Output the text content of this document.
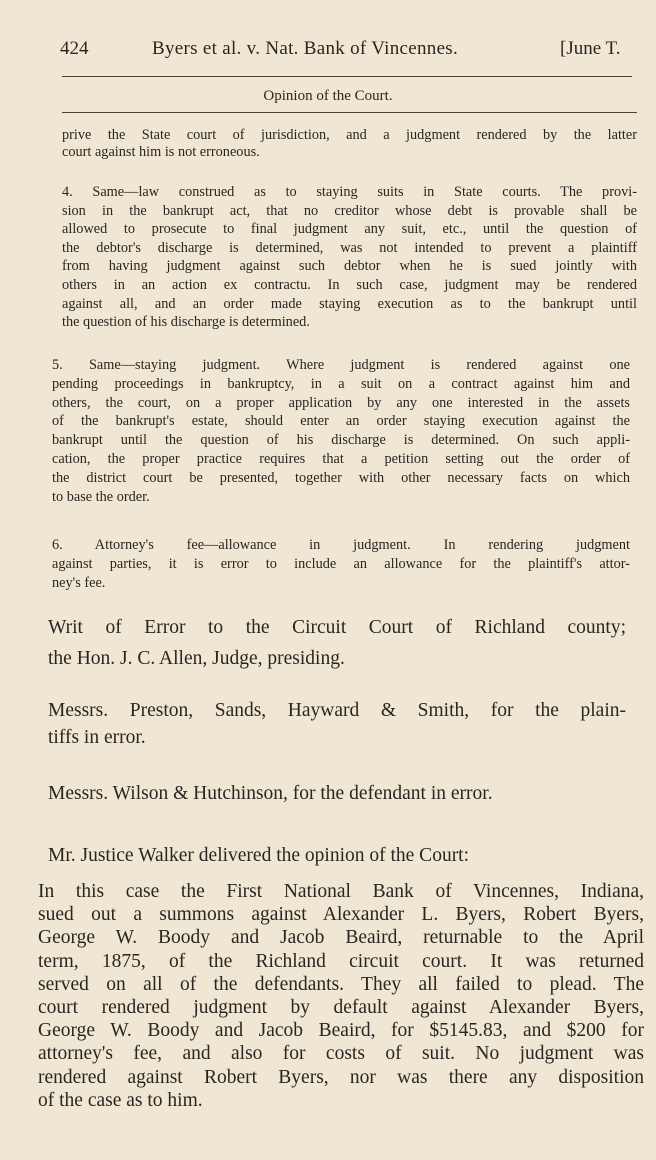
424	Byers et al. v. Nat. Bank of Vincennes.	[June T.
Opinion of the Court.
prive the State court of jurisdiction, and a judgment rendered by the latter
court against him is not erroneous.
4. Same—law construed as to staying suits in State courts. The provi-
sion in the bankrupt act, that no creditor whose debt is provable shall be
allowed to prosecute to final judgment any suit, etc., until the question of
the debtor's discharge is determined, was not intended to prevent a plaintiff
from having judgment against such debtor when he is sued jointly with
others in an action ex contractu. In such case, judgment may be rendered
against all, and an order made staying execution as to the bankrupt until
the question of his discharge is determined.
5. Same—staying judgment. Where judgment is rendered against one
pending proceedings in bankruptcy, in a suit on a contract against him and
others, the court, on a proper application by any one interested in the assets
of the bankrupt's estate, should enter an order staying execution against the
bankrupt until the question of his discharge is determined. On such appli-
cation, the proper practice requires that a petition setting out the order of
the district court be presented, together with other necessary facts on which
to base the order.
6. Attorney's fee—allowance in judgment. In rendering judgment
against parties, it is error to include an allowance for the plaintiff's attor-
ney's fee.
Writ of Error to the Circuit Court of Richland county;
the Hon. J. C. Allen, Judge, presiding.
Messrs. Preston, Sands, Hayward & Smith, for the plain-
tiffs in error.
Messrs. Wilson & Hutchinson, for the defendant in error.
Mr. Justice Walker delivered the opinion of the Court:
In this case the First National Bank of Vincennes, Indiana,
sued out a summons against Alexander L. Byers, Robert Byers,
George W. Boody and Jacob Beaird, returnable to the April
term, 1875, of the Richland circuit court. It was returned
served on all of the defendants. They all failed to plead. The
court rendered judgment by default against Alexander Byers,
George W. Boody and Jacob Beaird, for $5145.83, and $200 for
attorney's fee, and also for costs of suit. No judgment was
rendered against Robert Byers, nor was there any disposition
of the case as to him.
